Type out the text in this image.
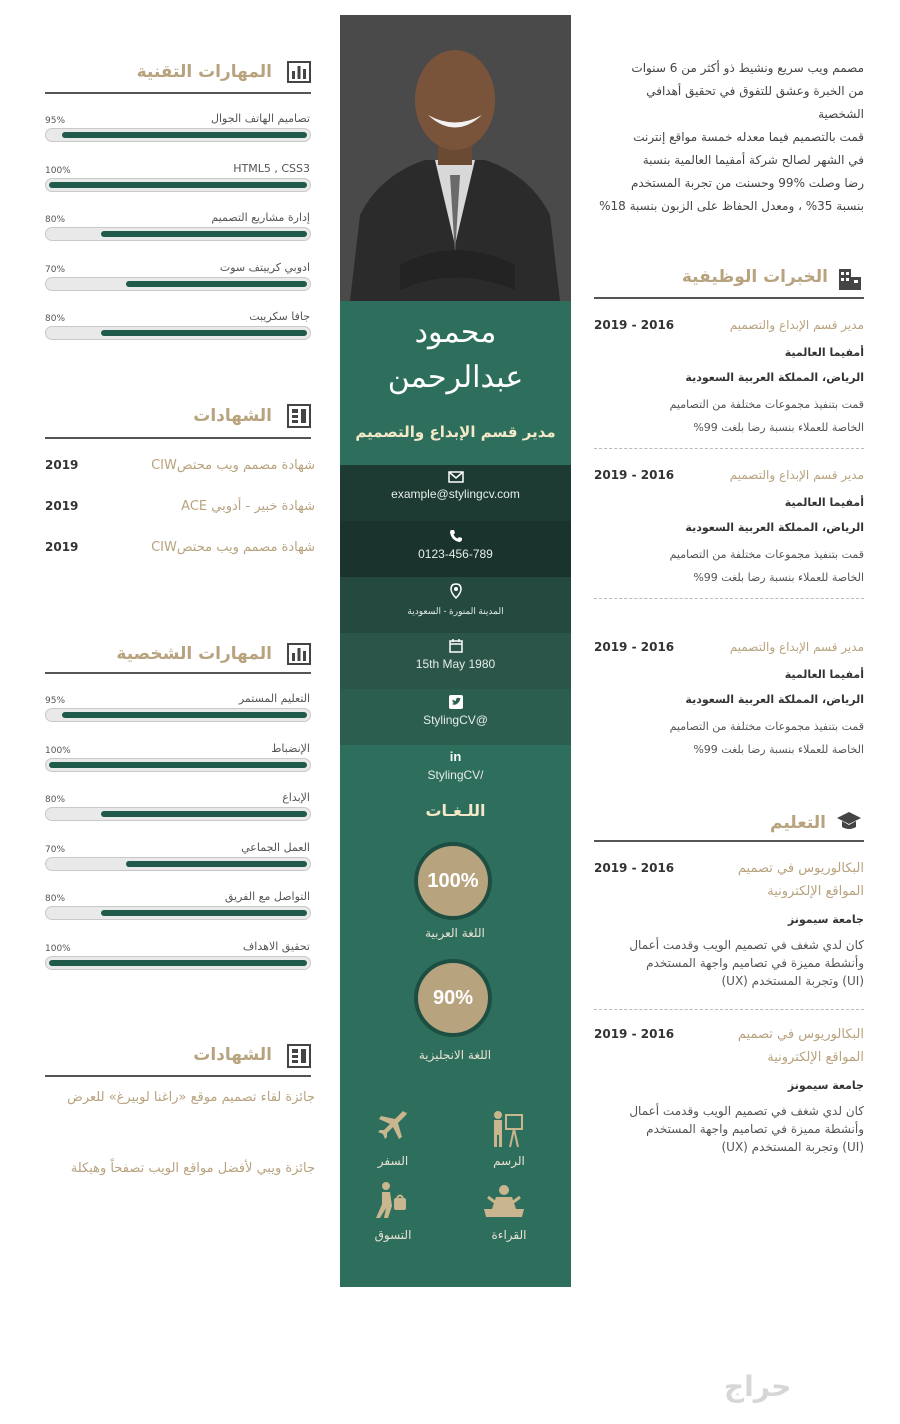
محمود
عبدالرحمن
مدير قسم الإبداع والتصميم
example@stylingcv.com
0123-456-789
المدينة المنورة - السعودية
15th May 1980
@StylingCV
in
/StylingCV
اللـغـات
100%
اللغة العربية
90%
اللغة الانجليزية
الرسم
السفر
القراءة
التسوق
المهارات التقنية
تصاميم الهاتف الجوال
95%
HTML5 , CSS3
100%
إدارة مشاريع التصميم
80%
ادوبي كرييتف سوت
70%
جافا سكريبت
80%
الشهادات
شهادة مصمم ويب محتصCIW
2019
شهادة خبير - أدوبي ACE
2019
شهادة مصمم ويب محتصCIW
2019
المهارات الشخصية
التعليم المستمر
95%
الإنضباط
100%
الإبداع
80%
العمل الجماعي
70%
التواصل مع الفريق
80%
تحقيق الاهداف
100%
الشهادات
جائزة لقاء تصميم موقع «راغنا لوبيرغ» للعرض
جائزة ويبي لأفضل مواقع الويب تصفحاً وهيكلة
مصمم ويب سريع ونشيط ذو أكثر من 6 سنوات
من الخبرة وعشق للتفوق في تحقيق أهدافي
الشخصية
قمت بالتصميم فيما معدله خمسة مواقع إنترنت
في الشهر لصالح شركة أمفيما العالمية بنسبة
رضا وصلت %99 وحسنت من تجربة المستخدم
بنسبة 35% ، ومعدل الحفاظ على الزبون بنسبة 18%
الخبرات الوظيفية
مدير قسم الإبداع والتصميم
2016 - 2019
أمفيما العالمية
الرياض، المملكة العربية السعودية
قمت بتنفيذ مجموعات مختلفة من التصاميم
الخاصة للعملاء بنسبة رضا بلغت 99%
مدير قسم الإبداع والتصميم
2016 - 2019
أمفيما العالمية
الرياض، المملكة العربية السعودية
قمت بتنفيذ مجموعات مختلفة من التصاميم
الخاصة للعملاء بنسبة رضا بلغت 99%
مدير قسم الإبداع والتصميم
2016 - 2019
أمفيما العالمية
الرياض، المملكة العربية السعودية
قمت بتنفيذ مجموعات مختلفة من التصاميم
الخاصة للعملاء بنسبة رضا بلغت 99%
التعليم
البكالوريوس في تصميم
المواقع الإلكترونية
2016 - 2019
جامعة سيمونز
كان لدي شغف في تصميم الويب وقدمت أعمال
وأنشطة مميزة في تصاميم واجهة المستخدم
(UI) وتجربة المستخدم (UX)
البكالوريوس في تصميم
المواقع الإلكترونية
2016 - 2019
جامعة سيمونز
كان لدي شغف في تصميم الويب وقدمت أعمال
وأنشطة مميزة في تصاميم واجهة المستخدم
(UI) وتجربة المستخدم (UX)
حراج
